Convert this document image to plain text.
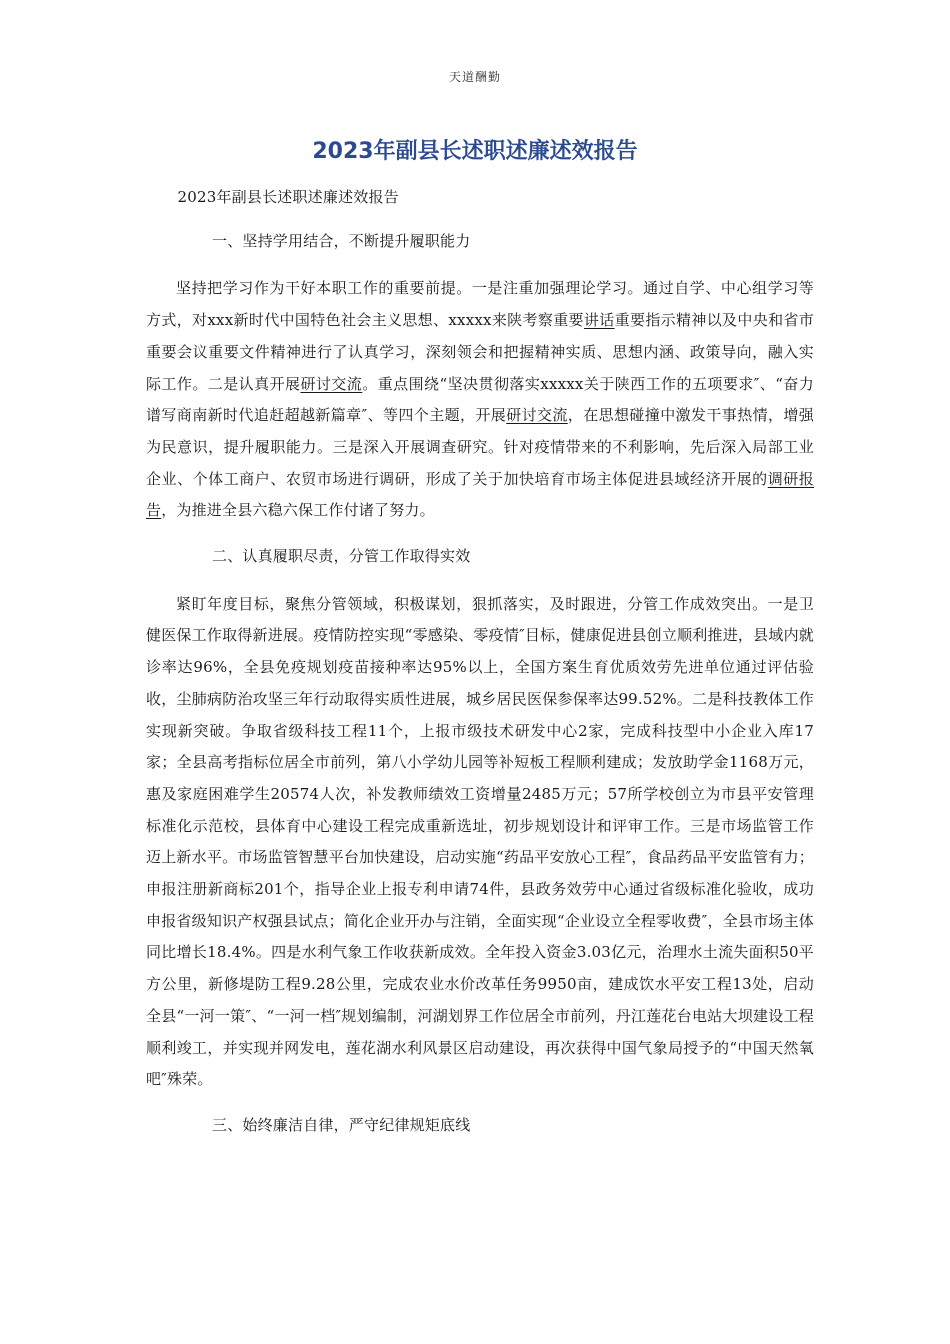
天道酬勤
2023年副县长述职述廉述效报告

2023年副县长述职述廉述效报告

一、坚持学用结合，不断提升履职能力

坚持把学习作为干好本职工作的重要前提。一是注重加强理论学习。通过自学、中心组学习等方式，对xxx新时代中国特色社会主义思想、xxxxx来陕考察重要讲话重要指示精神以及中央和省市重要会议重要文件精神进行了认真学习，深刻领会和把握精神实质、思想内涵、政策导向，融入实际工作。二是认真开展研讨交流。重点围绕“坚决贯彻落实xxxxx关于陕西工作的五项要求″、“奋力谱写商南新时代追赶超越新篇章″、等四个主题，开展研讨交流，在思想碰撞中激发干事热情，增强为民意识，提升履职能力。三是深入开展调查研究。针对疫情带来的不利影响，先后深入局部工业企业、个体工商户、农贸市场进行调研，形成了关于加快培育市场主体促进县域经济开展的调研报告，为推进全县六稳六保工作付诸了努力。

二、认真履职尽责，分管工作取得实效

紧盯年度目标，聚焦分管领域，积极谋划，狠抓落实，及时跟进，分管工作成效突出。一是卫健医保工作取得新进展。疫情防控实现“零感染、零疫情″目标，健康促进县创立顺利推进，县域内就诊率达96%，全县免疫规划疫苗接种率达95%以上，全国方案生育优质效劳先进单位通过评估验收，尘肺病防治攻坚三年行动取得实质性进展，城乡居民医保参保率达99.52%。二是科技教体工作实现新突破。争取省级科技工程11个，上报市级技术研发中心2家，完成科技型中小企业入库17家；全县高考指标位居全市前列，第八小学幼儿园等补短板工程顺利建成；发放助学金1168万元，惠及家庭困难学生20574人次，补发教师绩效工资增量2485万元；57所学校创立为市县平安管理标准化示范校，县体育中心建设工程完成重新选址，初步规划设计和评审工作。三是市场监管工作迈上新水平。市场监管智慧平台加快建设，启动实施“药品平安放心工程″，食品药品平安监管有力；申报注册新商标201个，指导企业上报专利申请74件，县政务效劳中心通过省级标准化验收，成功申报省级知识产权强县试点；简化企业开办与注销，全面实现“企业设立全程零收费″，全县市场主体同比增长18.4%。四是水利气象工作收获新成效。全年投入资金3.03亿元，治理水土流失面积50平方公里，新修堤防工程9.28公里，完成农业水价改革任务9950亩，建成饮水平安工程13处，启动全县“一河一策″、“一河一档″规划编制，河湖划界工作位居全市前列，丹江莲花台电站大坝建设工程顺利竣工，并实现并网发电，莲花湖水利风景区启动建设，再次获得中国气象局授予的“中国天然氧吧″殊荣。

三、始终廉洁自律，严守纪律规矩底线
